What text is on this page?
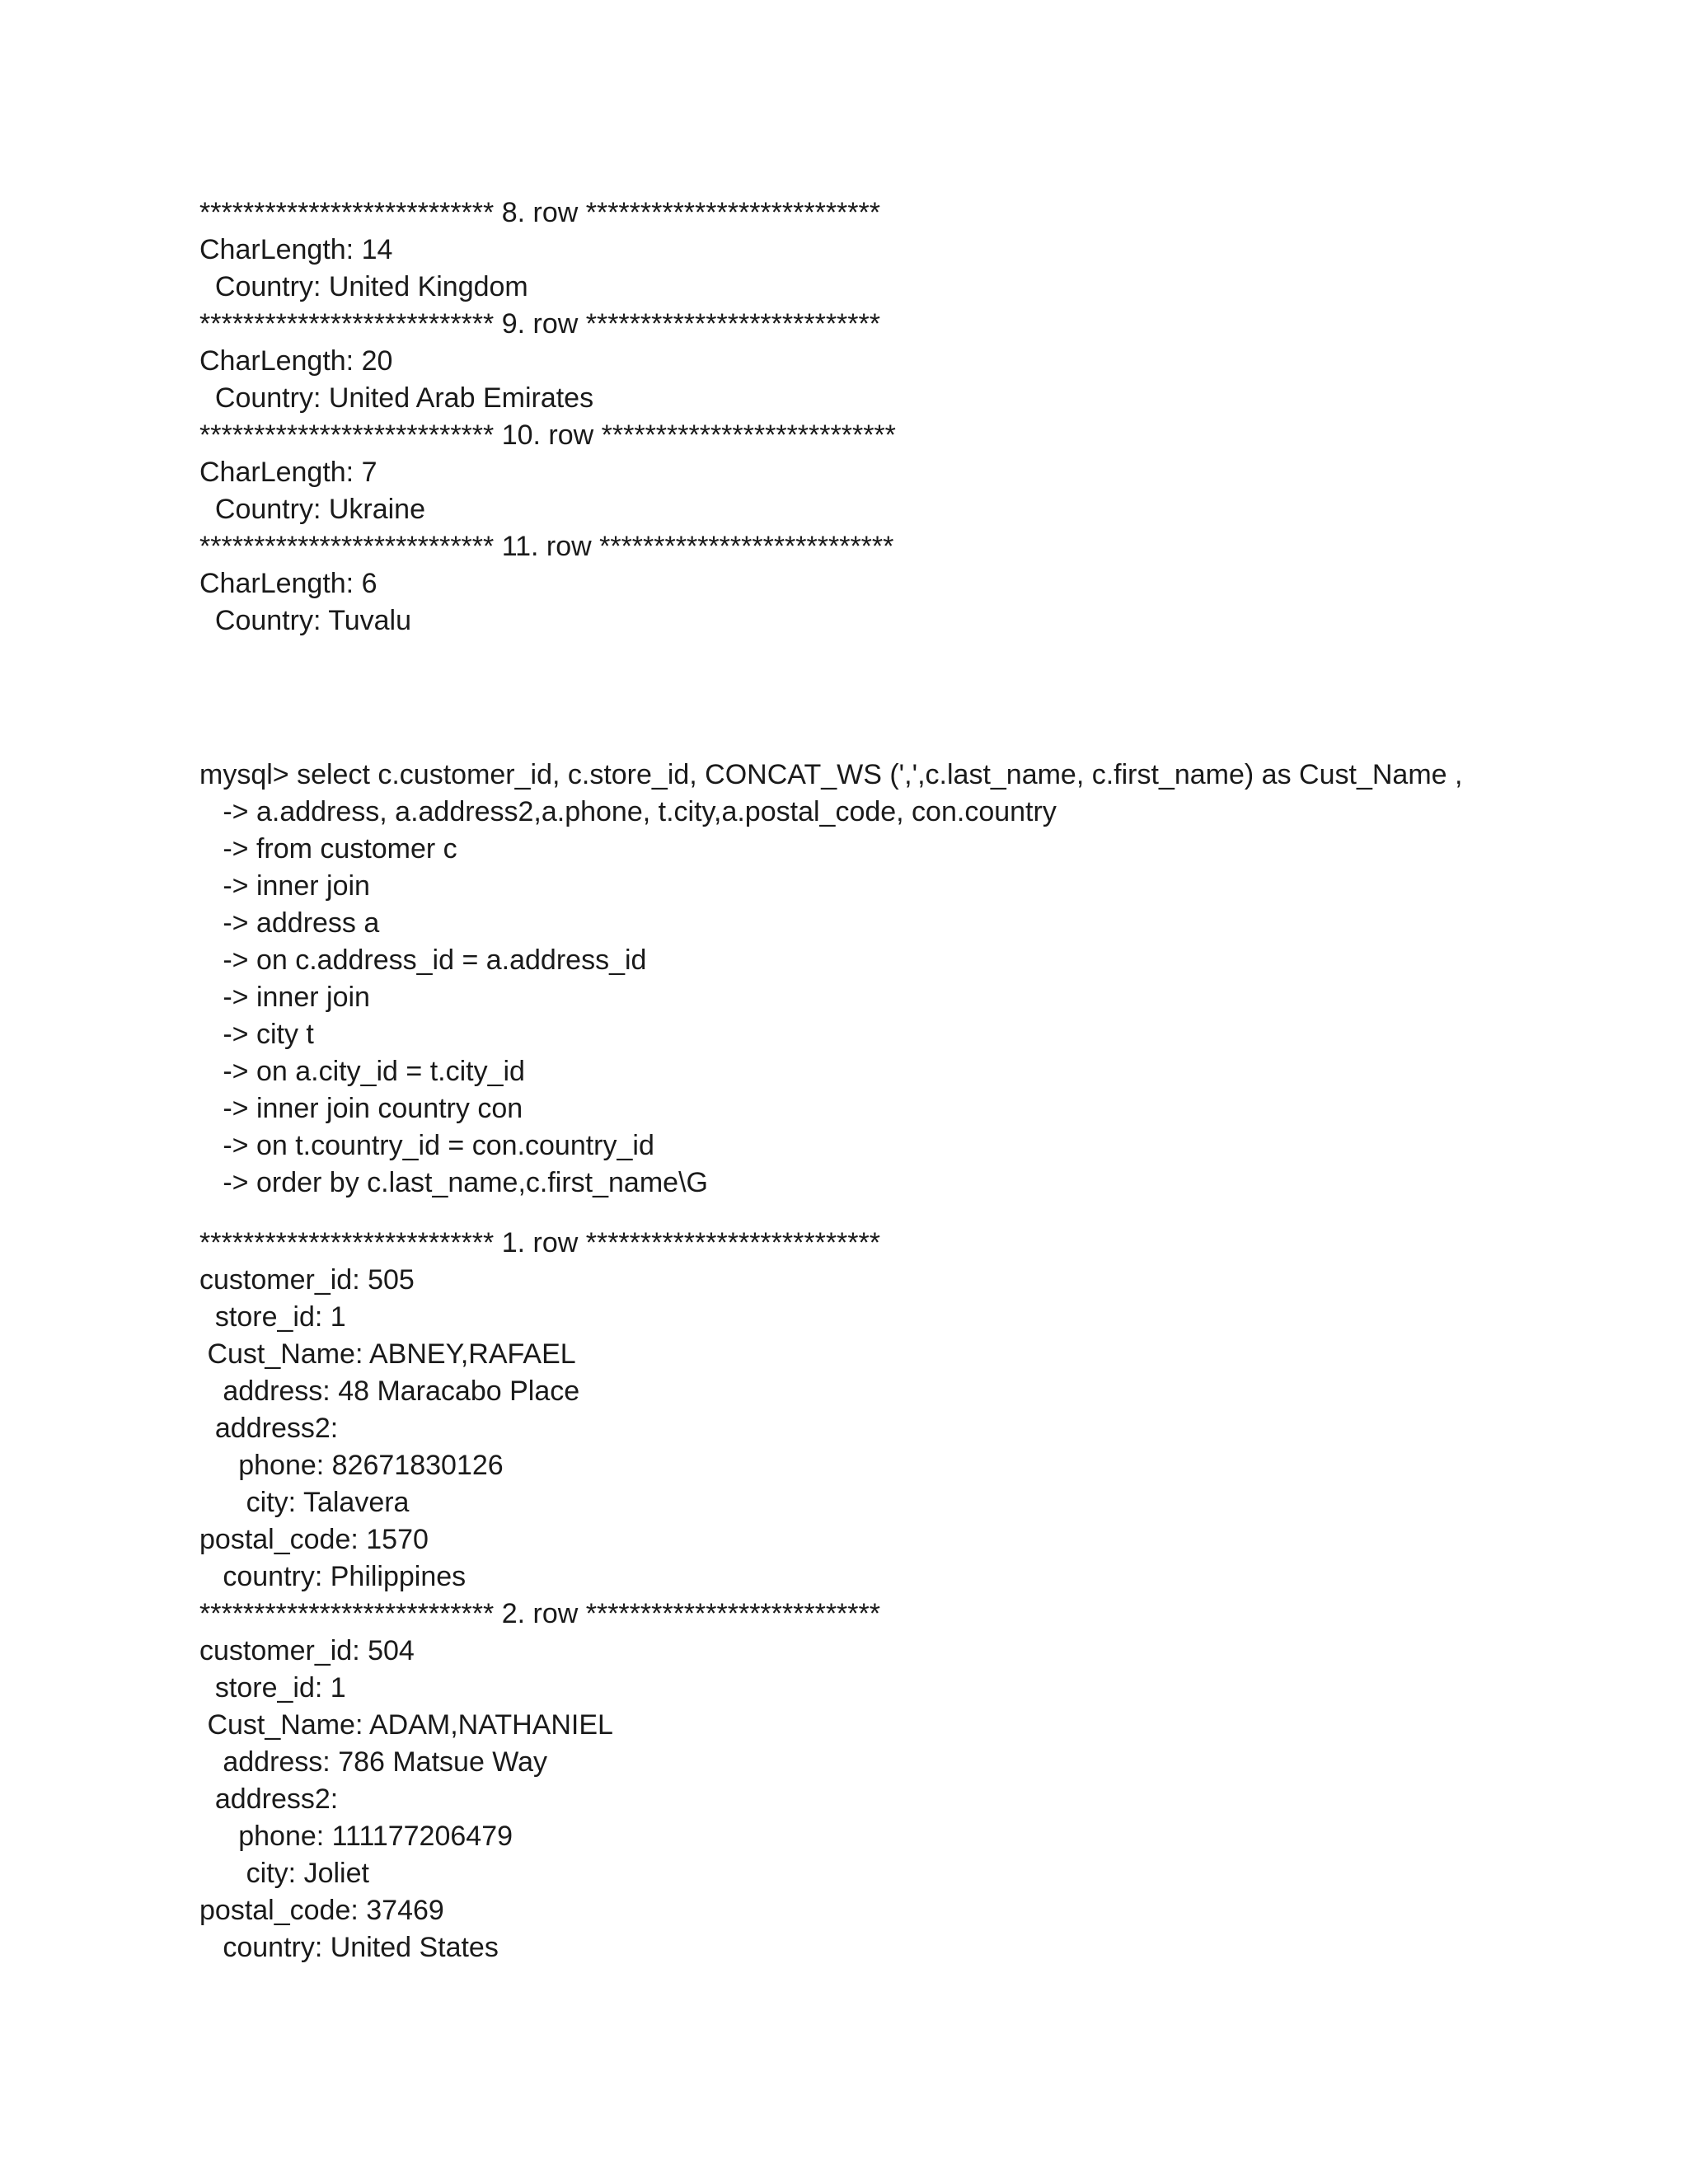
*************************** 8. row ***************************
CharLength: 14
Country: United Kingdom
*************************** 9. row ***************************
CharLength: 20
Country: United Arab Emirates
*************************** 10. row ***************************
CharLength: 7
Country: Ukraine
*************************** 11. row ***************************
CharLength: 6
Country: Tuvalu
mysql> select c.customer_id, c.store_id, CONCAT_WS (',',c.last_name, c.first_name) as Cust_Name ,
-> a.address, a.address2,a.phone, t.city,a.postal_code, con.country
-> from customer c
-> inner join
-> address a
-> on c.address_id = a.address_id
-> inner join
-> city t
-> on a.city_id = t.city_id
-> inner join country con
-> on t.country_id = con.country_id
-> order by c.last_name,c.first_name\G
*************************** 1. row ***************************
customer_id: 505
store_id: 1
Cust_Name: ABNEY,RAFAEL
address: 48 Maracabo Place
address2:
phone: 82671830126
city: Talavera
postal_code: 1570
country: Philippines
*************************** 2. row ***************************
customer_id: 504
store_id: 1
Cust_Name: ADAM,NATHANIEL
address: 786 Matsue Way
address2:
phone: 111177206479
city: Joliet
postal_code: 37469
country: United States
